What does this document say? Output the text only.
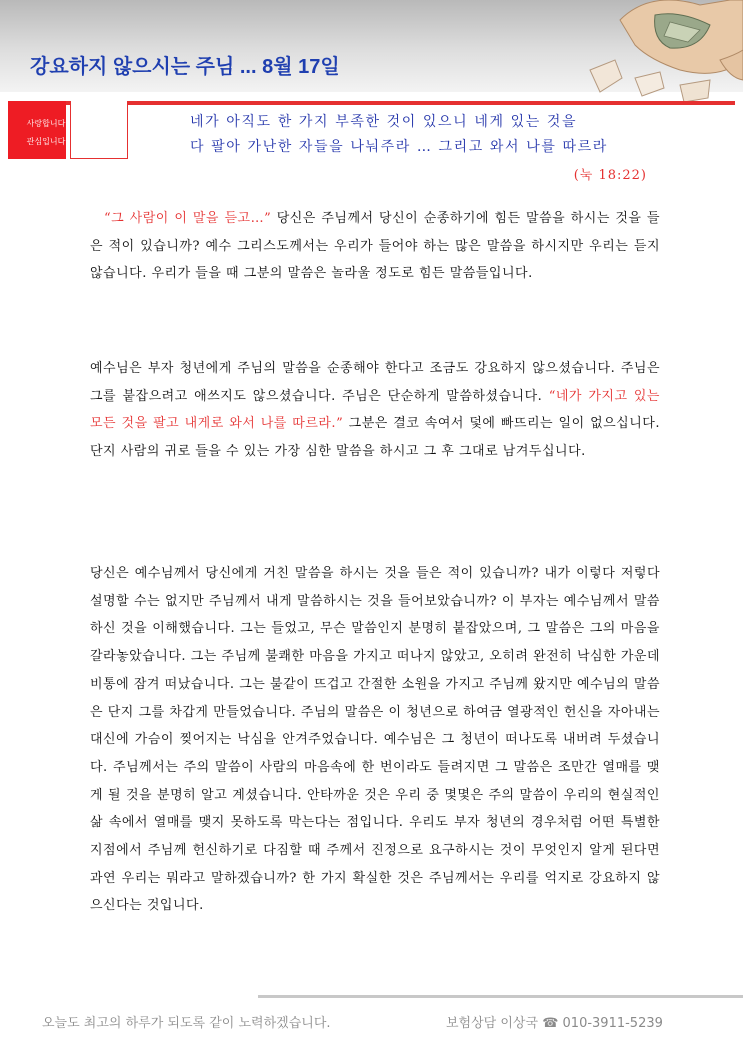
강요하지 않으시는 주님 ... 8월 17일
사랑합니다
관심입니다
네가 아직도 한 가지 부족한 것이 있으니 네게 있는 것을
다 팔아 가난한 자들을 나눠주라 … 그리고 와서 나를 따르라
(눅 18:22)
“그 사람이 이 말을 듣고…” 당신은 주님께서 당신이 순종하기에 힘든 말씀을 하시는 것을 들은 적이 있습니까? 예수 그리스도께서는 우리가 들어야 하는 많은 말씀을 하시지만 우리는 듣지 않습니다. 우리가 들을 때 그분의 말씀은 놀라울 정도로 힘든 말씀들입니다.
예수님은 부자 청년에게 주님의 말씀을 순종해야 한다고 조금도 강요하지 않으셨습니다. 주님은 그를 붙잡으려고 애쓰지도 않으셨습니다. 주님은 단순하게 말씀하셨습니다. “네가 가지고 있는 모든 것을 팔고 내게로 와서 나를 따르라.” 그분은 결코 속여서 덫에 빠뜨리는 일이 없으십니다. 단지 사람의 귀로 들을 수 있는 가장 심한 말씀을 하시고 그 후 그대로 남겨두십니다.
당신은 예수님께서 당신에게 거친 말씀을 하시는 것을 들은 적이 있습니까? 내가 이렇다 저렇다 설명할 수는 없지만 주님께서 내게 말씀하시는 것을 들어보았습니까? 이 부자는 예수님께서 말씀하신 것을 이해했습니다. 그는 들었고, 무슨 말씀인지 분명히 붙잡았으며, 그 말씀은 그의 마음을 갈라놓았습니다. 그는 주님께 불쾌한 마음을 가지고 떠나지 않았고, 오히려 완전히 낙심한 가운데 비통에 잠겨 떠났습니다. 그는 불같이 뜨겁고 간절한 소원을 가지고 주님께 왔지만 예수님의 말씀은 단지 그를 차갑게 만들었습니다. 주님의 말씀은 이 청년으로 하여금 열광적인 헌신을 자아내는 대신에 가슴이 찢어지는 낙심을 안겨주었습니다. 예수님은 그 청년이 떠나도록 내버려 두셨습니다. 주님께서는 주의 말씀이 사람의 마음속에 한 번이라도 들려지면 그 말씀은 조만간 열매를 맺게 될 것을 분명히 알고 계셨습니다. 안타까운 것은 우리 중 몇몇은 주의 말씀이 우리의 현실적인 삶 속에서 열매를 맺지 못하도록 막는다는 점입니다. 우리도 부자 청년의 경우처럼 어떤 특별한 지점에서 주님께 헌신하기로 다짐할 때 주께서 진정으로 요구하시는 것이 무엇인지 알게 된다면 과연 우리는 뭐라고 말하겠습니까? 한 가지 확실한 것은 주님께서는 우리를 억지로 강요하지 않으신다는 것입니다.
오늘도 최고의 하루가 되도록 같이 노력하겠습니다.	보험상담 이상국 ☎ 010-3911-5239
